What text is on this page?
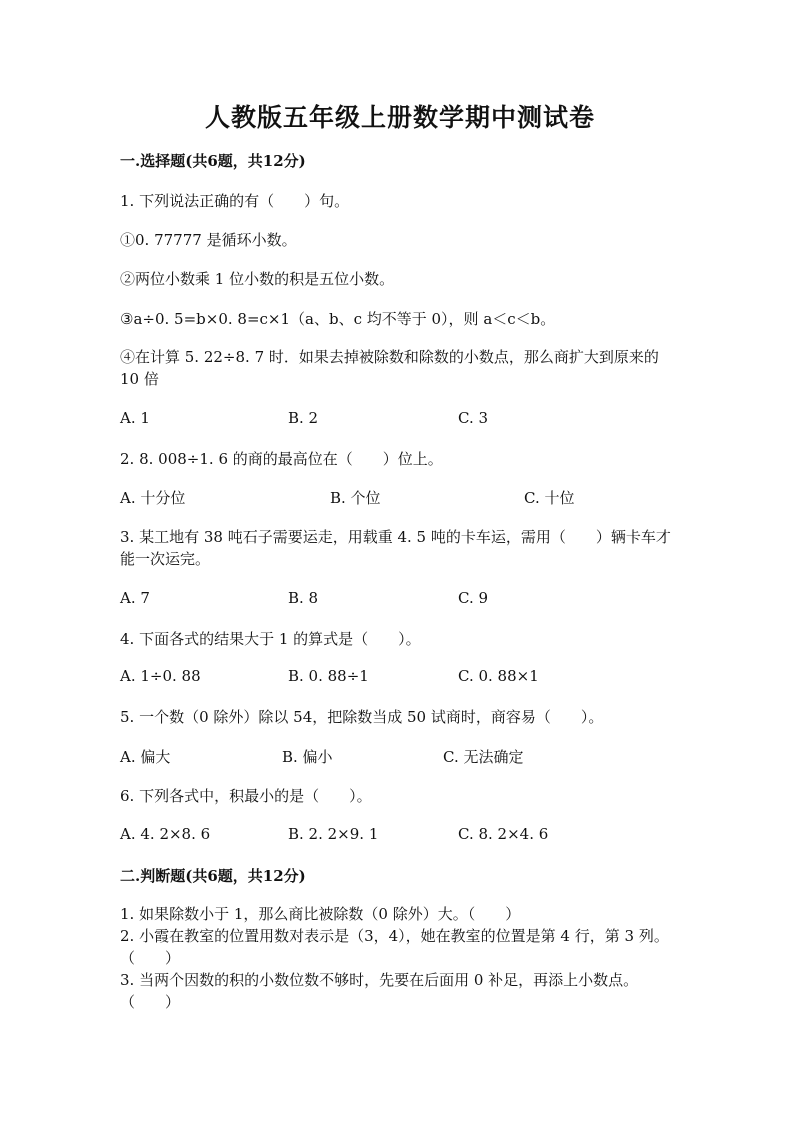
人教版五年级上册数学期中测试卷
一.选择题(共6题，共12分)
1. 下列说法正确的有（　　）句。
①0. 77777 是循环小数。
②两位小数乘 1 位小数的积是五位小数。
③a÷0. 5=b×0. 8=c×1（a、b、c 均不等于 0），则 a＜c＜b。
④在计算 5. 22÷8. 7 时．如果去掉被除数和除数的小数点，那么商扩大到原来的 10 倍
A. 1	B. 2	C. 3
2. 8. 008÷1. 6 的商的最高位在（　　）位上。
A. 十分位	B. 个位	C. 十位
3. 某工地有 38 吨石子需要运走，用载重 4. 5 吨的卡车运，需用（　　）辆卡车才能一次运完。
A. 7	B. 8	C. 9
4. 下面各式的结果大于 1 的算式是（　　）。
A. 1÷0. 88	B. 0. 88÷1	C. 0. 88×1
5. 一个数（0 除外）除以 54，把除数当成 50 试商时，商容易（　　）。
A. 偏大	B. 偏小	C. 无法确定
6. 下列各式中，积最小的是（　　）。
A. 4. 2×8. 6	B. 2. 2×9. 1	C. 8. 2×4. 6
二.判断题(共6题，共12分)
1. 如果除数小于 1，那么商比被除数（0 除外）大。（　　）
2. 小霞在教室的位置用数对表示是（3，4），她在教室的位置是第 4 行，第 3 列。（　　）
3. 当两个因数的积的小数位数不够时，先要在后面用 0 补足，再添上小数点。（　　）
